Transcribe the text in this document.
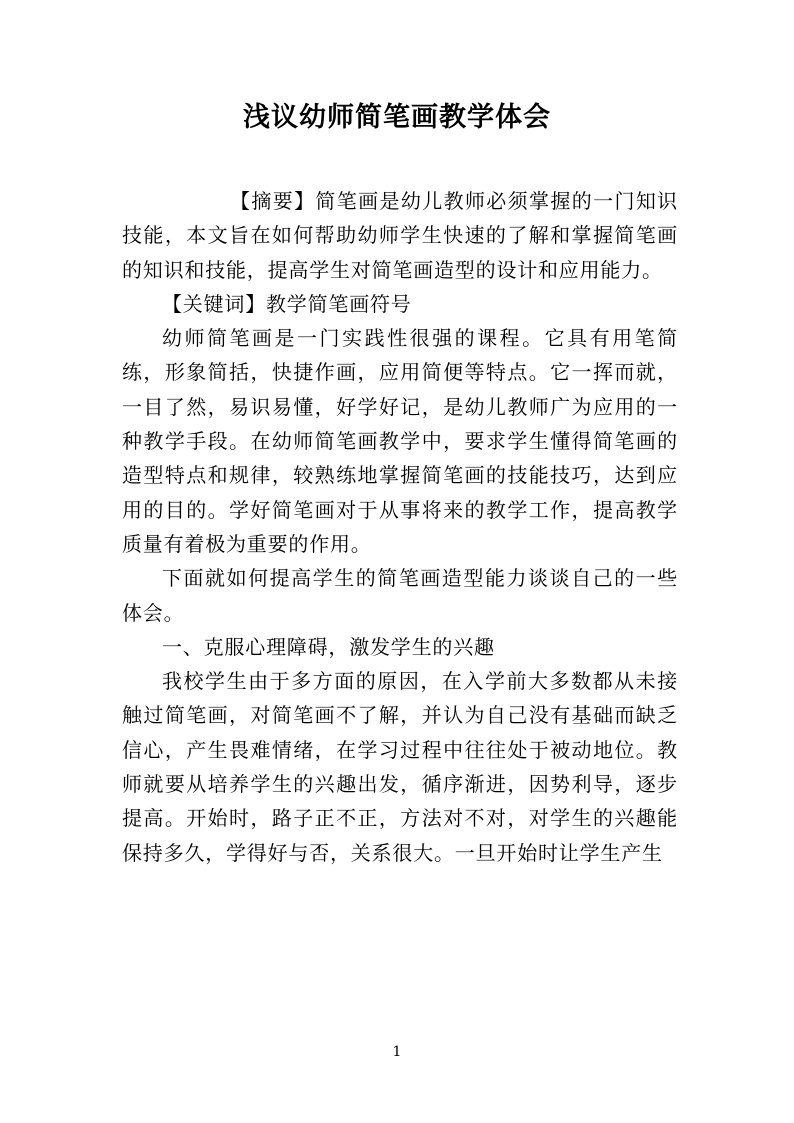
浅议幼师简笔画教学体会

【摘要】简笔画是幼儿教师必须掌握的一门知识技能，本文旨在如何帮助幼师学生快速的了解和掌握简笔画的知识和技能，提高学生对简笔画造型的设计和应用能力。

【关键词】教学简笔画符号

幼师简笔画是一门实践性很强的课程。它具有用笔简练，形象简括，快捷作画，应用简便等特点。它一挥而就，一目了然，易识易懂，好学好记，是幼儿教师广为应用的一种教学手段。在幼师简笔画教学中，要求学生懂得简笔画的造型特点和规律，较熟练地掌握简笔画的技能技巧，达到应用的目的。学好简笔画对于从事将来的教学工作，提高教学质量有着极为重要的作用。

下面就如何提高学生的简笔画造型能力谈谈自己的一些体会。

一、克服心理障碍，激发学生的兴趣

我校学生由于多方面的原因，在入学前大多数都从未接触过简笔画，对简笔画不了解，并认为自己没有基础而缺乏信心，产生畏难情绪，在学习过程中往往处于被动地位。教师就要从培养学生的兴趣出发，循序渐进，因势利导，逐步提高。开始时，路子正不正，方法对不对，对学生的兴趣能保持多久，学得好与否，关系很大。一旦开始时让学生产生

1
